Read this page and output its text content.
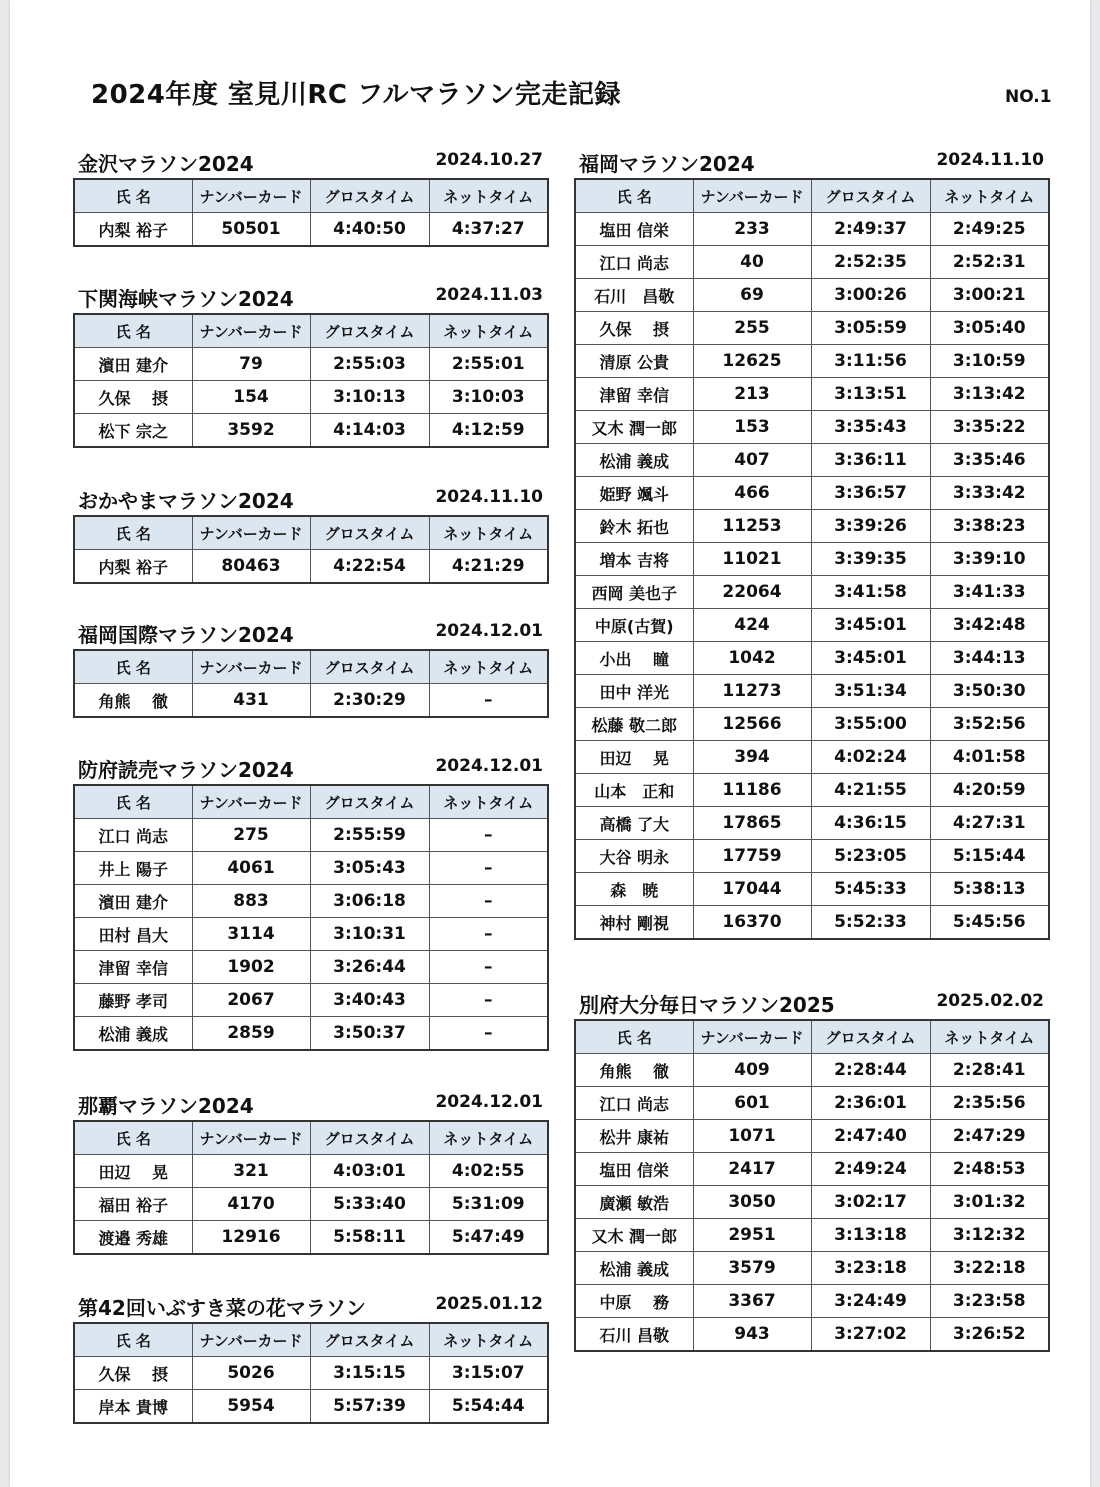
2024年度 室見川RC フルマラソン完走記録	NO.1
金沢マラソン2024	2024.10.27
氏 名	ナンバーカード	グロスタイム	ネットタイム
内梨 裕子	50501	4:40:50	4:37:27
下関海峡マラソン2024	2024.11.03
氏 名	ナンバーカード	グロスタイム	ネットタイム
濱田 建介	79	2:55:03	2:55:01
久保　 摂	154	3:10:13	3:10:03
松下 宗之	3592	4:14:03	4:12:59
おかやまマラソン2024	2024.11.10
氏 名	ナンバーカード	グロスタイム	ネットタイム
内梨 裕子	80463	4:22:54	4:21:29
福岡国際マラソン2024	2024.12.01
氏 名	ナンバーカード	グロスタイム	ネットタイム
角熊　 徹	431	2:30:29	–
防府読売マラソン2024	2024.12.01
氏 名	ナンバーカード	グロスタイム	ネットタイム
江口 尚志	275	2:55:59	–
井上 陽子	4061	3:05:43	–
濱田 建介	883	3:06:18	–
田村 昌大	3114	3:10:31	–
津留 幸信	1902	3:26:44	–
藤野 孝司	2067	3:40:43	–
松浦 義成	2859	3:50:37	–
那覇マラソン2024	2024.12.01
氏 名	ナンバーカード	グロスタイム	ネットタイム
田辺　 晃	321	4:03:01	4:02:55
福田 裕子	4170	5:33:40	5:31:09
渡邉 秀雄	12916	5:58:11	5:47:49
第42回いぶすき菜の花マラソン	2025.01.12
氏 名	ナンバーカード	グロスタイム	ネットタイム
久保　 摂	5026	3:15:15	3:15:07
岸本 貴博	5954	5:57:39	5:54:44
福岡マラソン2024	2024.11.10
氏 名	ナンバーカード	グロスタイム	ネットタイム
塩田 信栄	233	2:49:37	2:49:25
江口 尚志	40	2:52:35	2:52:31
石川　昌敬	69	3:00:26	3:00:21
久保　 摂	255	3:05:59	3:05:40
清原 公貴	12625	3:11:56	3:10:59
津留 幸信	213	3:13:51	3:13:42
又木 潤一郎	153	3:35:43	3:35:22
松浦 義成	407	3:36:11	3:35:46
姫野 颯斗	466	3:36:57	3:33:42
鈴木 拓也	11253	3:39:26	3:38:23
増本 吉将	11021	3:39:35	3:39:10
西岡 美也子	22064	3:41:58	3:41:33
中原(古賀)	424	3:45:01	3:42:48
小出　 瞳	1042	3:45:01	3:44:13
田中 洋光	11273	3:51:34	3:50:30
松藤 敬二郎	12566	3:55:00	3:52:56
田辺　 晃	394	4:02:24	4:01:58
山本　正和	11186	4:21:55	4:20:59
高橋 了大	17865	4:36:15	4:27:31
大谷 明永	17759	5:23:05	5:15:44
森　暁	17044	5:45:33	5:38:13
神村 剛視	16370	5:52:33	5:45:56
別府大分毎日マラソン2025	2025.02.02
氏 名	ナンバーカード	グロスタイム	ネットタイム
角熊　 徹	409	2:28:44	2:28:41
江口 尚志	601	2:36:01	2:35:56
松井 康祐	1071	2:47:40	2:47:29
塩田 信栄	2417	2:49:24	2:48:53
廣瀬 敏浩	3050	3:02:17	3:01:32
又木 潤一郎	2951	3:13:18	3:12:32
松浦 義成	3579	3:23:18	3:22:18
中原　 務	3367	3:24:49	3:23:58
石川 昌敬	943	3:27:02	3:26:52
